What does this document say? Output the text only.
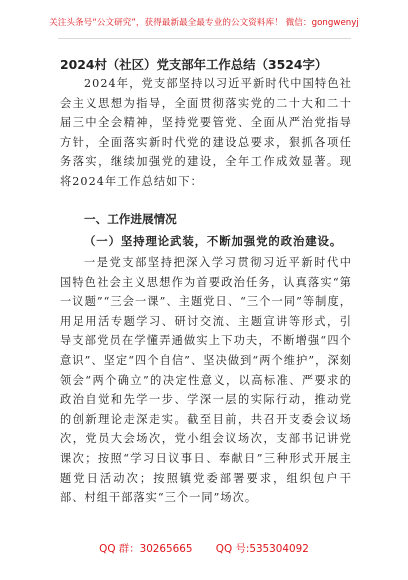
关注头条号“公文研究”，获得最新最全最专业的公文资料库！ 微信：gongwenyj
2024村（社区）党支部年工作总结（3524字）
2024年，党支部坚持以习近平新时代中国特色社会主义思想为指导，全面贯彻落实党的二十大和二十届三中全会精神，坚持党要管党、全面从严治党指导方针，全面落实新时代党的建设总要求，狠抓各项任务落实，继续加强党的建设，全年工作成效显著。现将2024年工作总结如下：
一、工作进展情况
（一）坚持理论武装，不断加强党的政治建设。
一是党支部坚持把深入学习贯彻习近平新时代中国特色社会主义思想作为首要政治任务，认真落实“第一议题”“三会一课”、主题党日、“三个一同”等制度，用足用活专题学习、研讨交流、主题宣讲等形式，引导支部党员在学懂弄通做实上下功夫，不断增强“四个意识”、坚定“四个自信”、坚决做到“两个维护”，深刻领会“两个确立”的决定性意义，以高标准、严要求的政治自觉和先学一步、学深一层的实际行动，推动党的创新理论走深走实。截至目前，共召开支委会议场次，党员大会场次，党小组会议场次，支部书记讲党课次；按照“学习日议事日、奉献日”三种形式开展主题党日活动次；按照镇党委部署要求，组织包户干部、村组干部落实“三个一同”场次。
QQ 群：30265665 QQ 号:535304092
